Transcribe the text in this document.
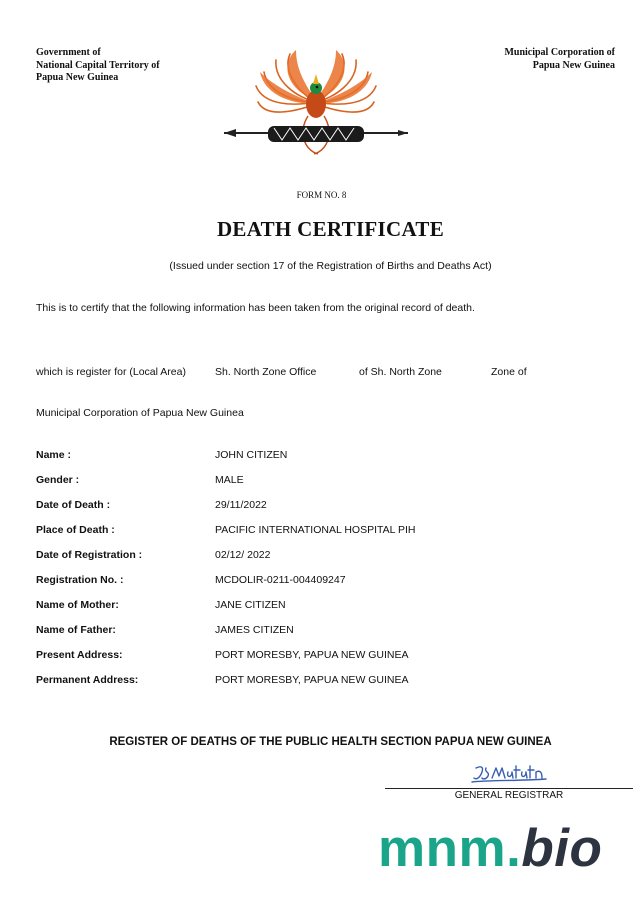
Government of
National Capital Territory of
Papua New Guinea
Municipal Corporation of
Papua New Guinea
FORM NO. 8
DEATH CERTIFICATE
(Issued under section 17 of the Registration of Births and Deaths Act)
This is to certify that the following information has been taken from the original record of death.
which is register for (Local Area)	Sh. North Zone Office	of Sh. North Zone	Zone of
Municipal Corporation of Papua New Guinea
Name :	JOHN CITIZEN
Gender :	MALE
Date of Death :	29/11/2022
Place of Death :	PACIFIC INTERNATIONAL HOSPITAL PIH
Date of Registration :	02/12/ 2022
Registration No. :	MCDOLIR-0211-004409247
Name of Mother:	JANE CITIZEN
Name of Father:	JAMES CITIZEN
Present Address:	PORT MORESBY, PAPUA NEW GUINEA
Permanent Address:	PORT MORESBY, PAPUA NEW GUINEA
REGISTER OF DEATHS OF THE PUBLIC HEALTH SECTION PAPUA NEW GUINEA
GENERAL REGISTRAR
mnm.bio
